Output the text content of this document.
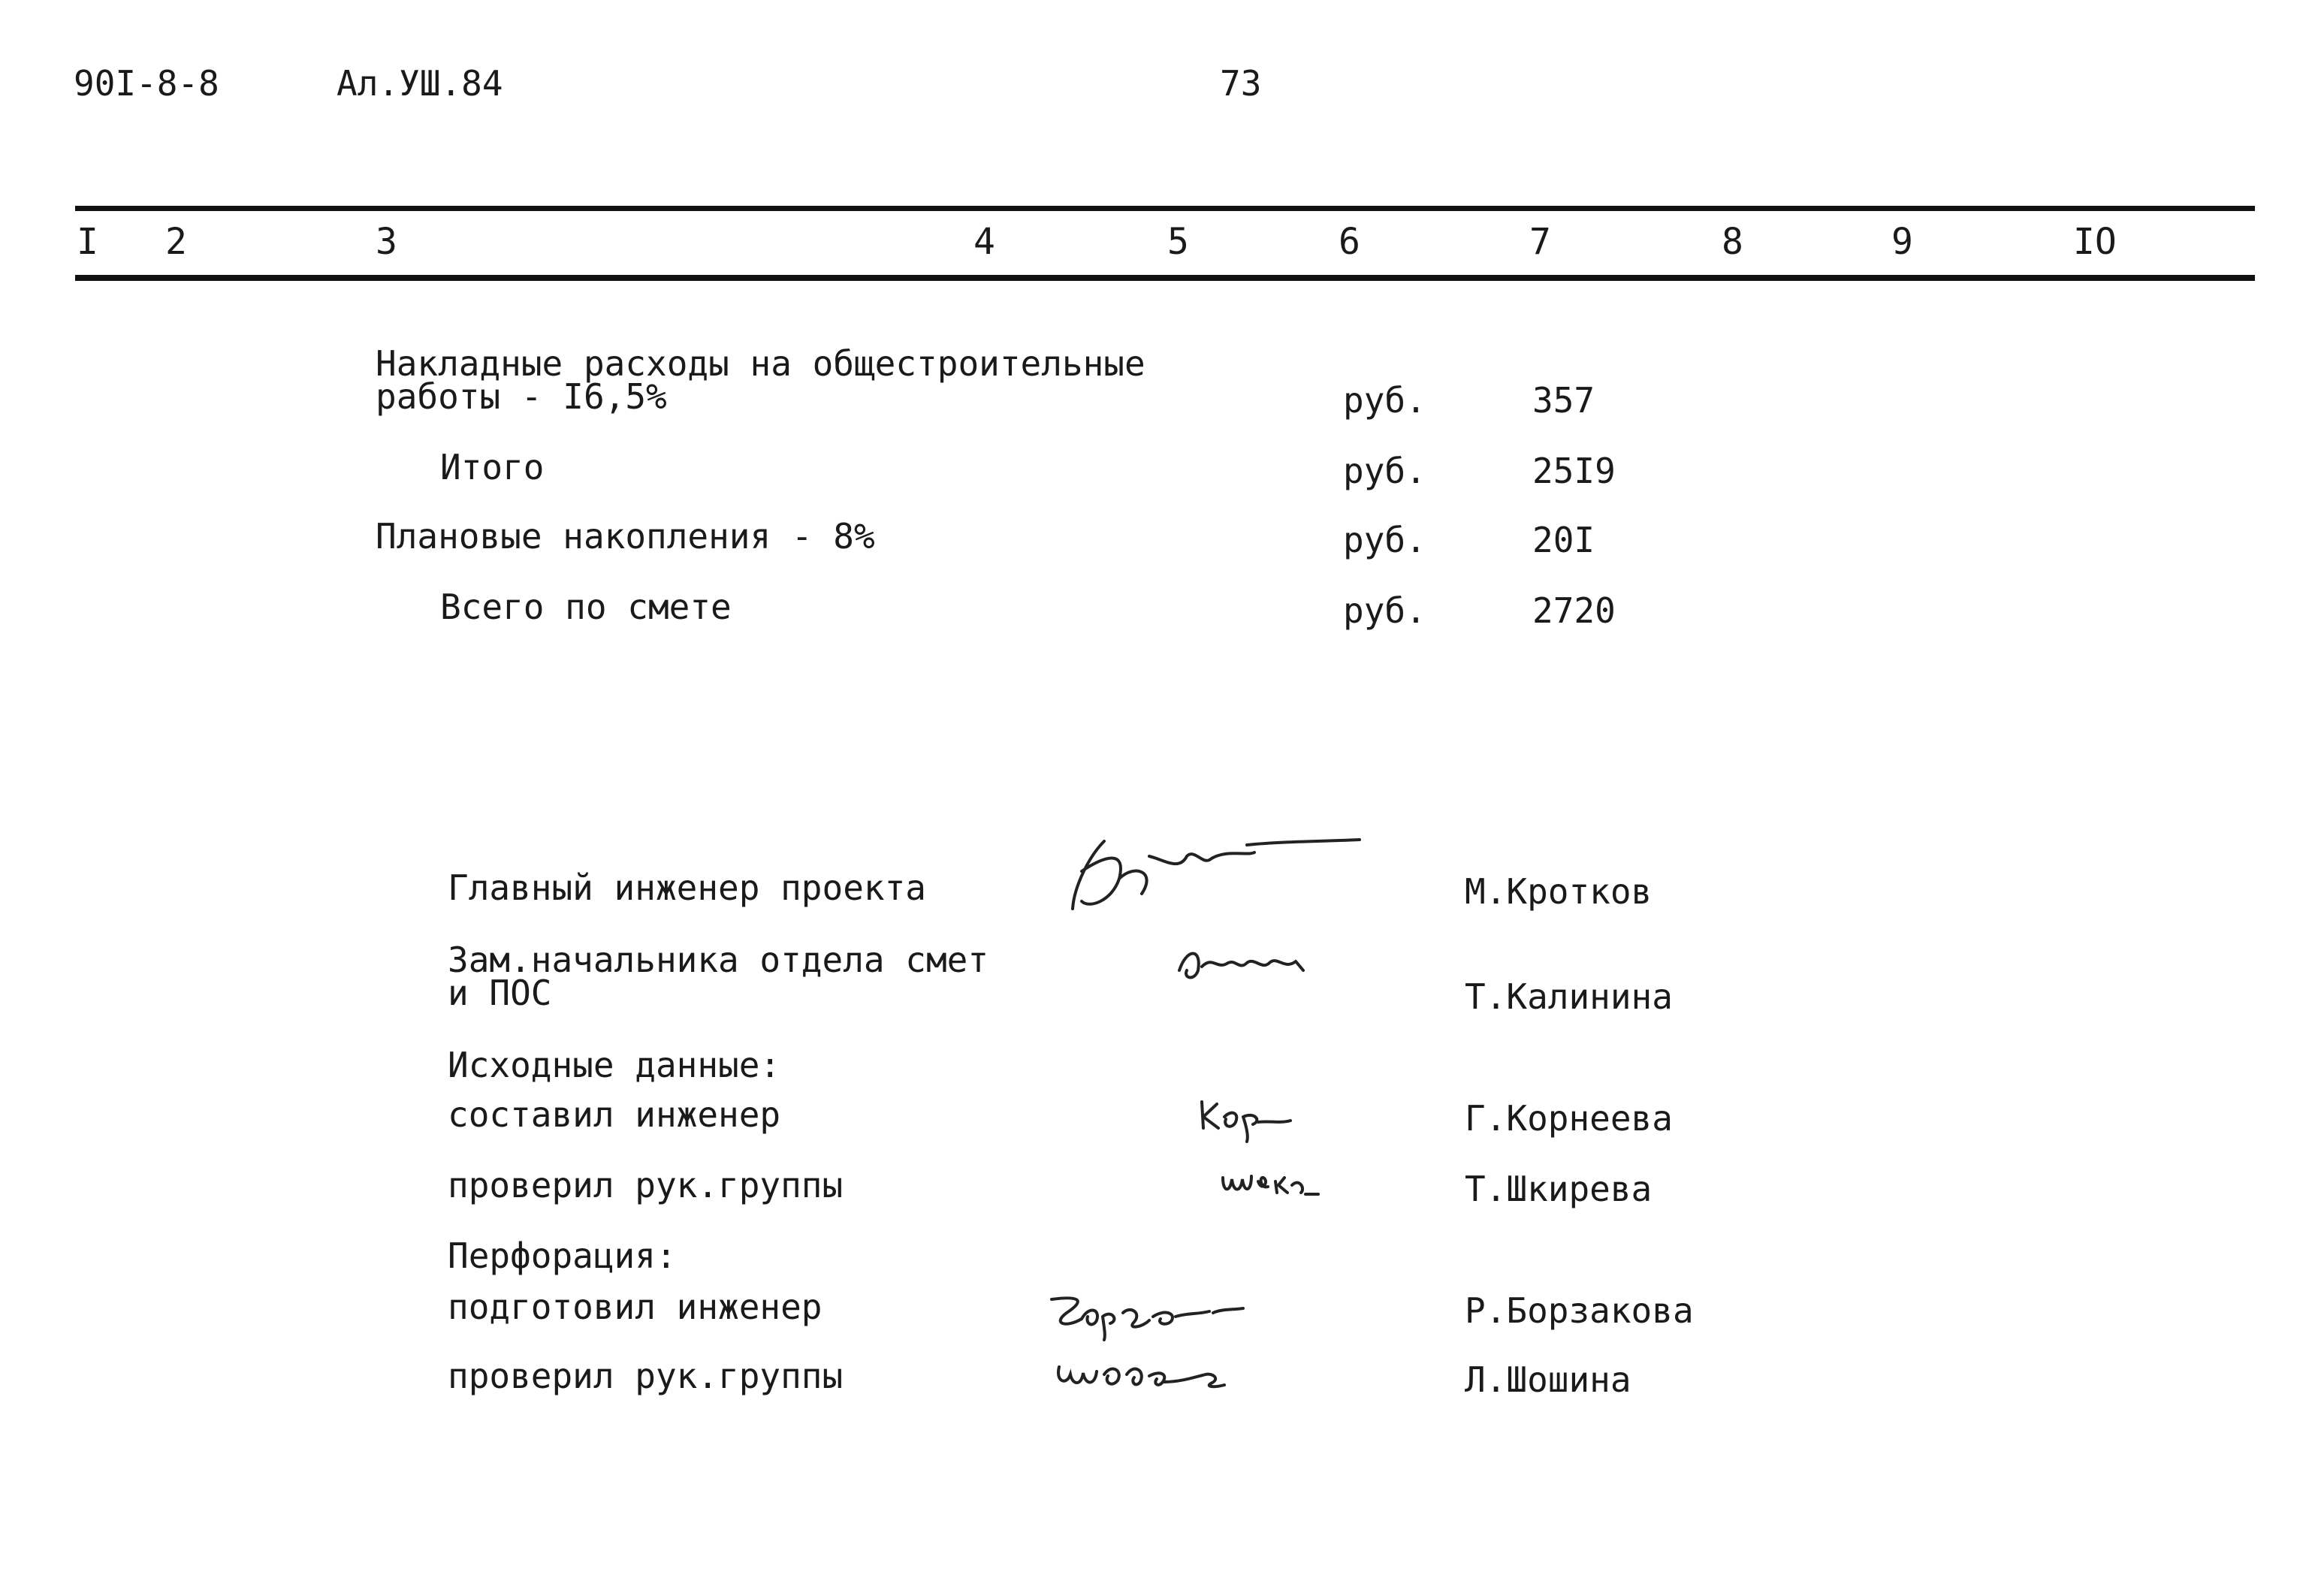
90I-8-8	Ал.УШ.84	73
I 2	3	4	5	6	7	8	9	IO
Накладные расходы на общестроительные
работы - I6,5%	руб.	357
Итого	руб.	25I9
Плановые накопления - 8%	руб.	20I
Всего по смете	руб.	2720
Главный инженер проекта	М.Кротков
Зам.начальника отдела смет
и ПОС	Т.Калинина
Исходные данные:
составил инженер	Г.Корнеева
проверил рук.группы	Т.Шкирева
Перфорация:
подготовил инженер	Р.Борзакова
проверил рук.группы	Л.Шошина
